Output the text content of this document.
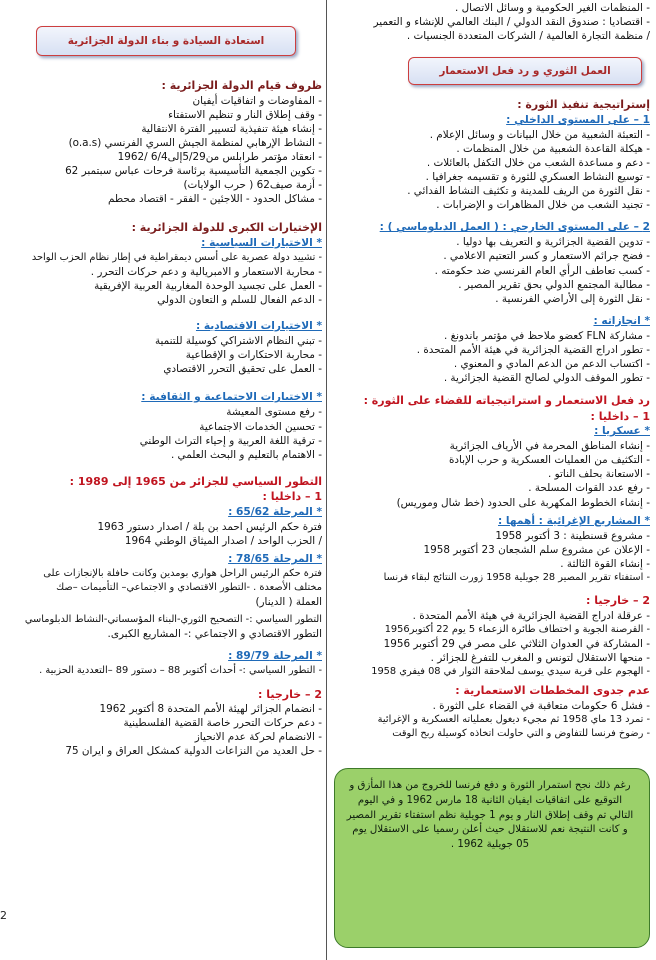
- المنظمات الغير الحكومية و وسائل الاتصال .
- اقتصاديا : صندوق النقد الدولي / البنك العالمي للإنشاء و التعمير
/ منظمة التجارة العالمية / الشركات المتعددة الجنسيات .
العمل الثوري و رد فعل الاستعمار
إستراتيجية تنفيذ الثورة :
1 – على المستوى الداخلي :
- التعبئة الشعبية من خلال البيانات و وسائل الإعلام .
- هيكلة القاعدة الشعبية من خلال المنظمات .
- دعم و مساعدة الشعب من خلال التكفل بالعائلات .
- توسيع النشاط العسكري للثورة و تقسيمه جغرافيا .
- نقل الثورة من الريف للمدينة و تكثيف النشاط الفدائي .
- تجنيد الشعب من خلال المظاهرات و الإضرابات .
2 – على المستوى الخارجي : ( العمل الدبلوماسي ) :
- تدوين القضية الجزائرية و التعريف بها دوليا .
- فضح جرائم الاستعمار و كسر التعتيم الاعلامي .
- كسب تعاطف الرأي العام الفرنسي ضد حكومته .
- مطالبة المجتمع الدولي بحق تقرير المصير .
- نقل الثورة إلى الأراضي الفرنسية .
* انجازاته :
- مشاركة FLN كعضو ملاحظ في مؤتمر باندونغ .
- تطور ادراج القضية الجزائرية في هيئة الأمم المتحدة .
- اكتساب الدعم من الدعم المادي و المعنوي .
- تطور الموقف الدولي لصالح القضية الجزائرية .
رد فعل الاستعمار و استراتيجياته للقضاء على الثورة :
1 – داخليا :
* عسكريا :
- إنشاء المناطق المحرمة في الأرياف الجزائرية
- التكثيف من العمليات العسكرية و حرب الإبادة
- الاستعانة بحلف الناتو .
- رفع عدد القوات المسلحة .
- إنشاء الخطوط المكهربة على الحدود (خط شال وموريس)
* المشاريع الإغرائية : أهمها :
- مشروع قسنطينة : 3 أكتوبر 1958
- الإعلان عن مشروع سلم الشجعان 23 أكتوبر 1958
- إنشاء القوة الثالثة .
- استفتاء تقرير المصير 28 جويلية 1958 زورت النتائج لبقاء فرنسا
2 – خارجيا :
- عرقلة ادراج القضية الجزائرية في هيئة الأمم المتحدة .
- القرصنة الجوية و اختطاف طائرة الزعماء 5 يوم 22 أكتوبر1956
- المشاركة في العدوان الثلاثي على مصر في 29 أكتوبر 1956
- منحها الاستقلال لتونس و المغرب للتفرغ للجزائر .
- الهجوم على قرية سيدي يوسف لملاحقة الثوار في 08 فيفري 1958
عدم جدوى المخططات الاستعمارية :
- فشل 6 حكومات متعاقبة في القضاء على الثورة .
- تمرد 13 ماي 1958 ثم مجيء ديغول بعملياته العسكرية و الإغرائية
- رضوخ فرنسا للتفاوض و التي حاولت اتخاذه كوسيلة ربح الوقت
رغم ذلك نجح استمرار الثورة و دفع فرنسا للخروج من هذا المأزق و التوقيع على اتفاقيات ايفيان الثانية 18 مارس 1962 و في اليوم التالي تم وقف إطلاق النار و يوم 1 جويلية نظم استفتاء تقرير المصير و كانت النتيجة نعم للاستقلال حيث أعلن رسميا على الاستقلال يوم 05 جويلية 1962 .
استعادة السيادة و بناء الدولة الجزائرية
ظروف قيام الدولة الجزائرية :
- المفاوضات و اتفاقيات أيفيان
- وقف إطلاق النار و تنظيم الاستفتاء
- إنشاء هيئة تنفيذية لتسيير الفترة الانتقالية
- النشاط الإرهابي لمنظمة الجيش السري الفرنسي (o.a.s)
- انعقاد مؤتمر طرابلس من5/29إلى6/4 /1962
- تكوين الجمعية التأسيسية برئاسة فرحات عباس سبتمبر 62
- أزمة صيف62 ( حرب الولايات)
- مشاكل الحدود - اللاجئين - الفقر - اقتصاد محطم
الإختيارات الكبرى للدولة الجزائرية :
* الاختيارات السياسية :
- تشييد دولة عصرية على أسس ديمقراطية في إطار نظام الحزب الواحد
- محاربة الاستعمار و الامبريالية و دعم حركات التحرر .
- العمل على تجسيد الوحدة المغاربية العربية الإفريقية
- الدعم الفعال للسلم و التعاون الدولي
* الاختيارات الاقتصادية :
- تبني النظام الاشتراكي كوسيلة للتنمية
- محاربة الاحتكارات و الإقطاعية
- العمل على تحقيق التحرر الاقتصادي
* الاختيارات الاجتماعية و الثقافية :
- رفع مستوى المعيشة
- تحسين الخدمات الاجتماعية
- ترقية اللغة العربية و إحياء التراث الوطني
- الاهتمام بالتعليم و البحث العلمي .
التطور السياسي للجزائر من 1965 إلى 1989 :
1 – داخليا :
* المرحلة 65/62 :
فترة حكم الرئيس احمد بن بلة / اصدار دستور 1963
/ الحزب الواحد / اصدار الميثاق الوطني 1964
* المرحلة 78/65 :
فترة حكم الرئيس الراحل هواري بومدين وكانت حافلة بالإنجازات على
مختلف الأصعدة . -التطور الاقتصادي و الاجتماعي– التأميمات –صك
العملة ( الدينار)
التطور السياسي :- التصحيح الثوري-البناء المؤسساتي-النشاط الدبلوماسي
التطور الاقتصادي و الاجتماعي :- المشاريع الكبرى.
* المرحلة 89/79 :
- التطور السياسي :- أحداث أكتوبر 88 – دستور 89 –التعددية الحزبية .
2 – خارجيا :
- انضمام الجزائر لهيئة الأمم المتحدة 8 أكتوبر 1962
- دعم حركات التحرر خاصة القضية الفلسطينية
- الانضمام لحركة عدم الانحياز
- حل العديد من النزاعات الدولية كمشكل العراق و ايران 75
2
